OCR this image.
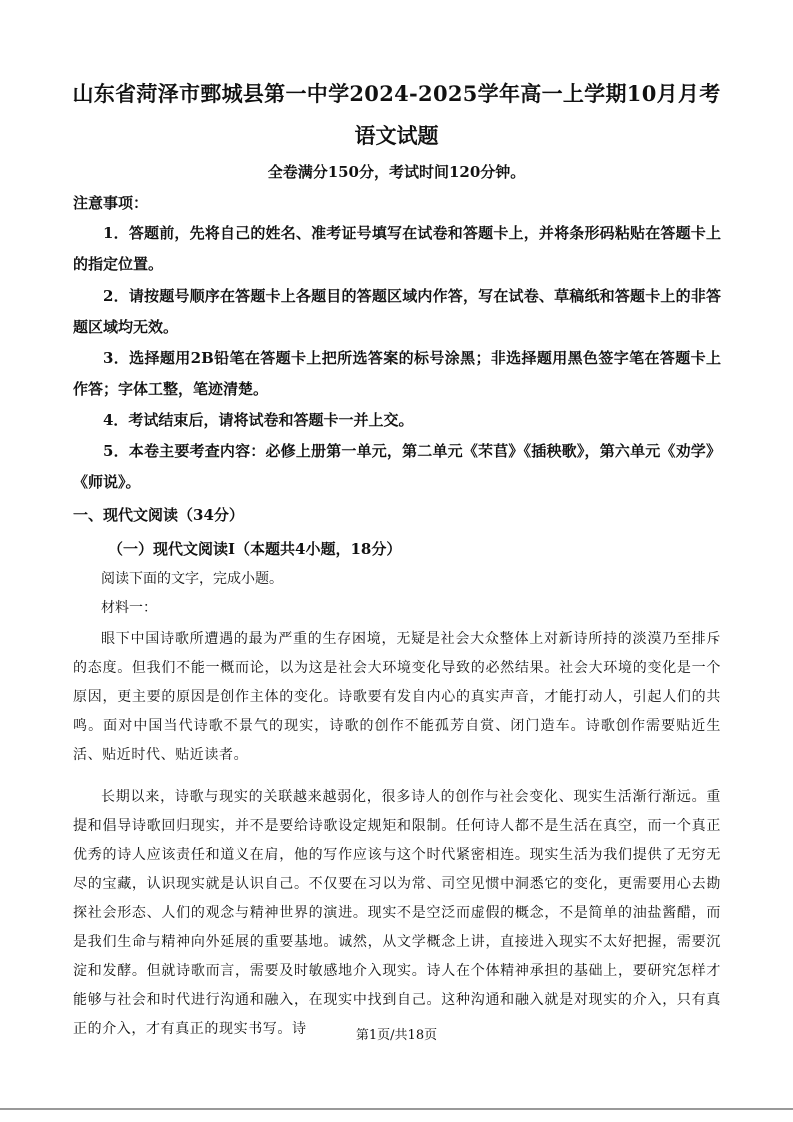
山东省菏泽市鄄城县第一中学2024-2025学年高一上学期10月月考
语文试题
全卷满分150分，考试时间120分钟。
注意事项：
1．答题前，先将自己的姓名、准考证号填写在试卷和答题卡上，并将条形码粘贴在答题卡上的指定位置。
2．请按题号顺序在答题卡上各题目的答题区域内作答，写在试卷、草稿纸和答题卡上的非答题区域均无效。
3．选择题用2B铅笔在答题卡上把所选答案的标号涂黑；非选择题用黑色签字笔在答题卡上作答；字体工整，笔迹清楚。
4．考试结束后，请将试卷和答题卡一并上交。
5．本卷主要考查内容：必修上册第一单元，第二单元《芣苢》《插秧歌》，第六单元《劝学》《师说》。
一、现代文阅读（34分）
（一）现代文阅读Ⅰ（本题共4小题，18分）
阅读下面的文字，完成小题。
材料一：
眼下中国诗歌所遭遇的最为严重的生存困境，无疑是社会大众整体上对新诗所持的淡漠乃至排斥的态度。但我们不能一概而论，以为这是社会大环境变化导致的必然结果。社会大环境的变化是一个原因，更主要的原因是创作主体的变化。诗歌要有发自内心的真实声音，才能打动人，引起人们的共鸣。面对中国当代诗歌不景气的现实，诗歌的创作不能孤芳自赏、闭门造车。诗歌创作需要贴近生活、贴近时代、贴近读者。
长期以来，诗歌与现实的关联越来越弱化，很多诗人的创作与社会变化、现实生活渐行渐远。重提和倡导诗歌回归现实，并不是要给诗歌设定规矩和限制。任何诗人都不是生活在真空，而一个真正优秀的诗人应该责任和道义在肩，他的写作应该与这个时代紧密相连。现实生活为我们提供了无穷无尽的宝藏，认识现实就是认识自己。不仅要在习以为常、司空见惯中洞悉它的变化，更需要用心去勘探社会形态、人们的观念与精神世界的演进。现实不是空泛而虚假的概念，不是简单的油盐酱醋，而是我们生命与精神向外延展的重要基地。诚然，从文学概念上讲，直接进入现实不太好把握，需要沉淀和发酵。但就诗歌而言，需要及时敏感地介入现实。诗人在个体精神承担的基础上，要研究怎样才能够与社会和时代进行沟通和融入，在现实中找到自己。这种沟通和融入就是对现实的介入，只有真正的介入，才有真正的现实书写。诗	第1页/共18页
